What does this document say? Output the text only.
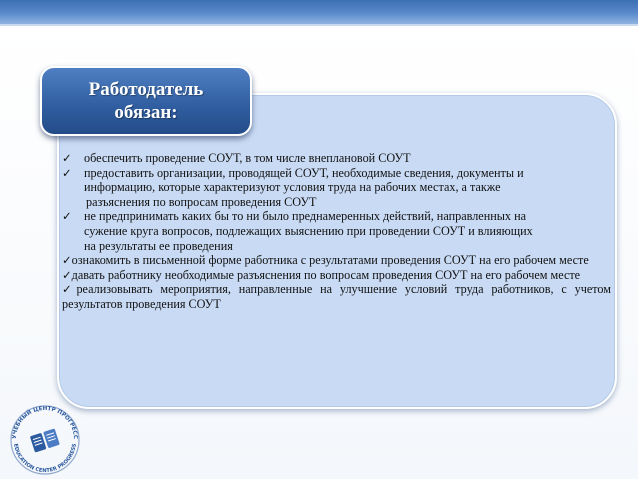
Работодатель
обязан:
✓ обеспечить проведение СОУТ, в том числе внеплановой СОУТ
✓ предоставить организации, проводящей СОУТ, необходимые сведения, документы и
информацию, которые характеризуют условия труда на рабочих местах, а также
разъяснения по вопросам проведения СОУТ
✓ не предпринимать каких бы то ни было преднамеренных действий, направленных на
сужение круга вопросов, подлежащих выяснению при проведении СОУТ и влияющих
на результаты ее проведения
✓ознакомить в письменной форме работника с результатами проведения СОУТ на его рабочем месте
✓давать работнику необходимые разъяснения по вопросам проведения СОУТ на его рабочем месте
✓реализовывать мероприятия, направленные на улучшение условий труда работников, с учетом результатов проведения СОУТ
УЧЕБНЫЙ ЦЕНТР ПРОГРЕСС
EDUCATION CENTER PROGRESS
